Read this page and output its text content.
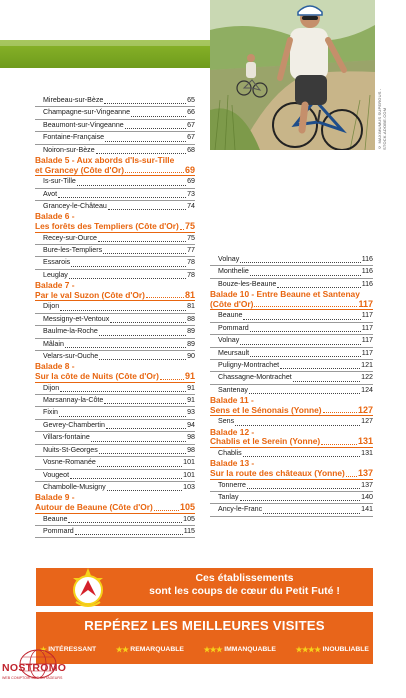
© MAXIMUMUS SUPERGUS - STOCK.ADOBE.COM
Mirebeau-sur-Bèze	65
Champagne-sur-Vingeanne	66
Beaumont-sur-Vingeanne	67
Fontaine-Française	67
Noiron-sur-Bèze	68
Balade 5 - Aux abords d'Is-sur-Tille
et Grancey (Côte d'Or)	69
Is-sur-Tille	69
Avot	73
Grancey-le-Château	74
Balade 6 -
Les forêts des Templiers (Côte d'Or) 75
Recey-sur-Ource	75
Bure-les-Templiers	77
Essarois	78
Leuglay	78
Balade 7 -
Par le val Suzon (Côte d'Or)	81
Dijon	81
Messigny-et-Ventoux	88
Baulme-la-Roche	89
Mâlain	89
Velars-sur-Ouche	90
Balade 8 -
Sur la côte de Nuits (Côte d'Or)	91
Dijon	91
Marsannay-la-Côte	91
Fixin	93
Gevrey-Chambertin	94
Villars-fontaine	98
Nuits-St-Georges	98
Vosne-Romanée	101
Vougeot	101
Chambolle-Musigny	103
Balade 9 -
Autour de Beaune (Côte d'Or)	105
Beaune	105
Pommard	115
Volnay	116
Monthelie	116
Bouze-les-Beaune	116
Balade 10 - Entre Beaune et Santenay
(Côte d'Or)	117
Beaune	117
Pommard	117
Volnay	117
Meursault	117
Puligny-Montrachet	121
Chassagne-Montrachet	122
Santenay	124
Balade 11 -
Sens et le Sénonais (Yonne)	127
Sens	127
Balade 12 -
Chablis et le Serein (Yonne)	131
Chablis	131
Balade 13 -
Sur la route des châteaux (Yonne) 137
Tonnerre	137
Tanlay	140
Ancy-le-Franc	141
Ces établissements
sont les coups de cœur du Petit Futé !
REPÉREZ LES MEILLEURES VISITES
★ INTÉRESSANT	★★ REMARQUABLE	★★★ IMMANQUABLE	★★★★ INOUBLIABLE
NOSTROMO
WEB COMPTOIR DES VOYAGEURS
